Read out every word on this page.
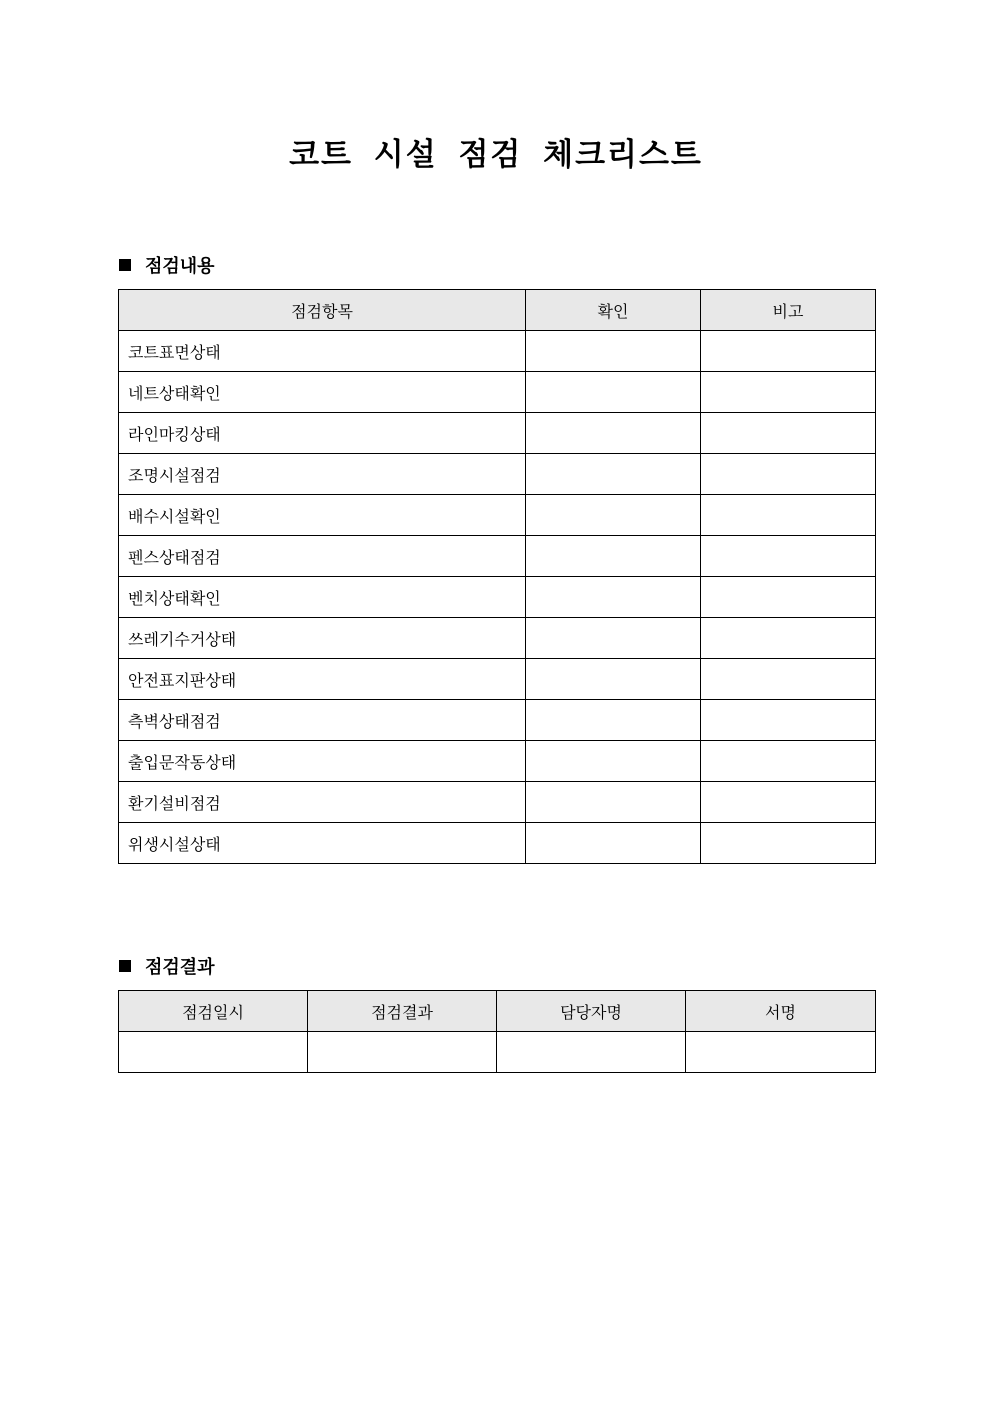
코트 시설 점검 체크리스트
점검내용
점검항목	확인	비고
코트표면상태		
네트상태확인		
라인마킹상태		
조명시설점검		
배수시설확인		
펜스상태점검		
벤치상태확인		
쓰레기수거상태		
안전표지판상태		
측벽상태점검		
출입문작동상태		
환기설비점검		
위생시설상태		
점검결과
점검일시	점검결과	담당자명	서명
